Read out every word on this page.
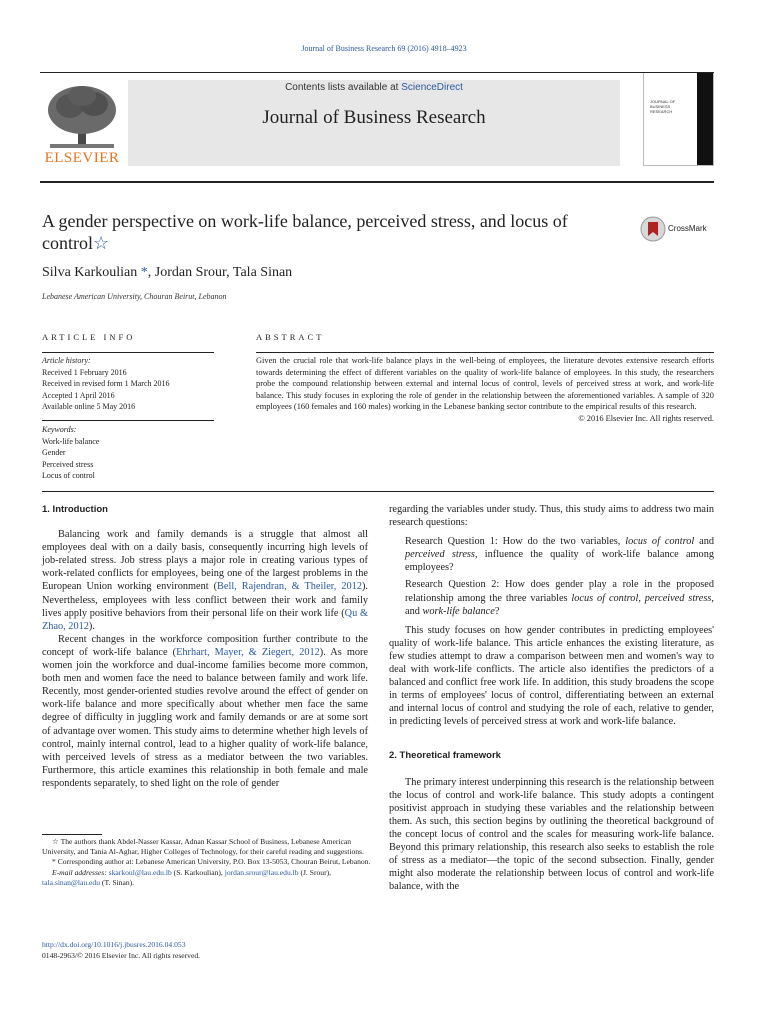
Journal of Business Research 69 (2016) 4918–4923
Contents lists available at ScienceDirect
Journal of Business Research
ELSEVIER
JOURNAL OF BUSINESS RESEARCH
A gender perspective on work-life balance, perceived stress, and locus of control☆
CrossMark
Silva Karkoulian *, Jordan Srour, Tala Sinan
Lebanese American University, Chouran Beirut, Lebanon
ARTICLE INFO	ABSTRACT
Article history:
Received 1 February 2016
Received in revised form 1 March 2016
Accepted 1 April 2016
Available online 5 May 2016
Keywords:
Work-life balance
Gender
Perceived stress
Locus of control
Given the crucial role that work-life balance plays in the well-being of employees, the literature devotes extensive research efforts towards determining the effect of different variables on the quality of work-life balance of employees. In this study, the researchers probe the compound relationship between external and internal locus of control, levels of perceived stress at work, and work-life balance. This study focuses in exploring the role of gender in the relationship between the aforementioned variables. A sample of 320 employees (160 females and 160 males) working in the Lebanese banking sector contribute to the empirical results of this research.
© 2016 Elsevier Inc. All rights reserved.
1. Introduction

Balancing work and family demands is a struggle that almost all employees deal with on a daily basis, consequently incurring high levels of job-related stress. Job stress plays a major role in creating various types of work-related conflicts for employees, being one of the largest problems in the European Union working environment (Bell, Rajendran, & Theiler, 2012). Nevertheless, employees with less conflict between their work and family lives apply positive behaviors from their personal life on their work life (Qu & Zhao, 2012).

Recent changes in the workforce composition further contribute to the concept of work-life balance (Ehrhart, Mayer, & Ziegert, 2012). As more women join the workforce and dual-income families become more common, both men and women face the need to balance between family and work life. Recently, most gender-oriented studies revolve around the effect of gender on work-life balance and more specifically about whether men face the same degree of difficulty in juggling work and family demands or are at some sort of advantage over women. This study aims to determine whether high levels of control, mainly internal control, lead to a higher quality of work-life balance, with perceived levels of stress as a mediator between the two variables. Furthermore, this article examines this relationship in both female and male respondents separately, to shed light on the role of gender

☆ The authors thank Abdel-Nasser Kassar, Adnan Kassar School of Business, Lebanese American University, and Tania Al-Aghar, Higher Colleges of Technology, for their careful reading and suggestions.

* Corresponding author at: Lebanese American University, P.O. Box 13-5053, Chouran Beirut, Lebanon.

E-mail addresses: skarkoul@lau.edu.lb (S. Karkoulian), jordan.srour@lau.edu.lb (J. Srour), tala.sinan@lau.edu (T. Sinan).

http://dx.doi.org/10.1016/j.jbusres.2016.04.053
0148-2963/© 2016 Elsevier Inc. All rights reserved.

regarding the variables under study. Thus, this study aims to address two main research questions:

Research Question 1: How do the two variables, locus of control and perceived stress, influence the quality of work-life balance among employees?

Research Question 2: How does gender play a role in the proposed relationship among the three variables locus of control, perceived stress, and work-life balance?

This study focuses on how gender contributes in predicting employees' quality of work-life balance. This article enhances the existing literature, as few studies attempt to draw a comparison between men and women's way to deal with work-life conflicts. The article also identifies the predictors of a balanced and conflict free work life. In addition, this study broadens the scope in terms of employees' locus of control, differentiating between an external and internal locus of control and studying the role of each, relative to gender, in predicting levels of perceived stress at work and work-life balance.

2. Theoretical framework

The primary interest underpinning this research is the relationship between the locus of control and work-life balance. This study adopts a contingent positivist approach in studying these variables and the relationship between them. As such, this section begins by outlining the theoretical background of the concept locus of control and the scales for measuring work-life balance. Beyond this primary relationship, this research also seeks to establish the role of stress as a mediator—the topic of the second subsection. Finally, gender might also moderate the relationship between locus of control and work-life balance, with the
